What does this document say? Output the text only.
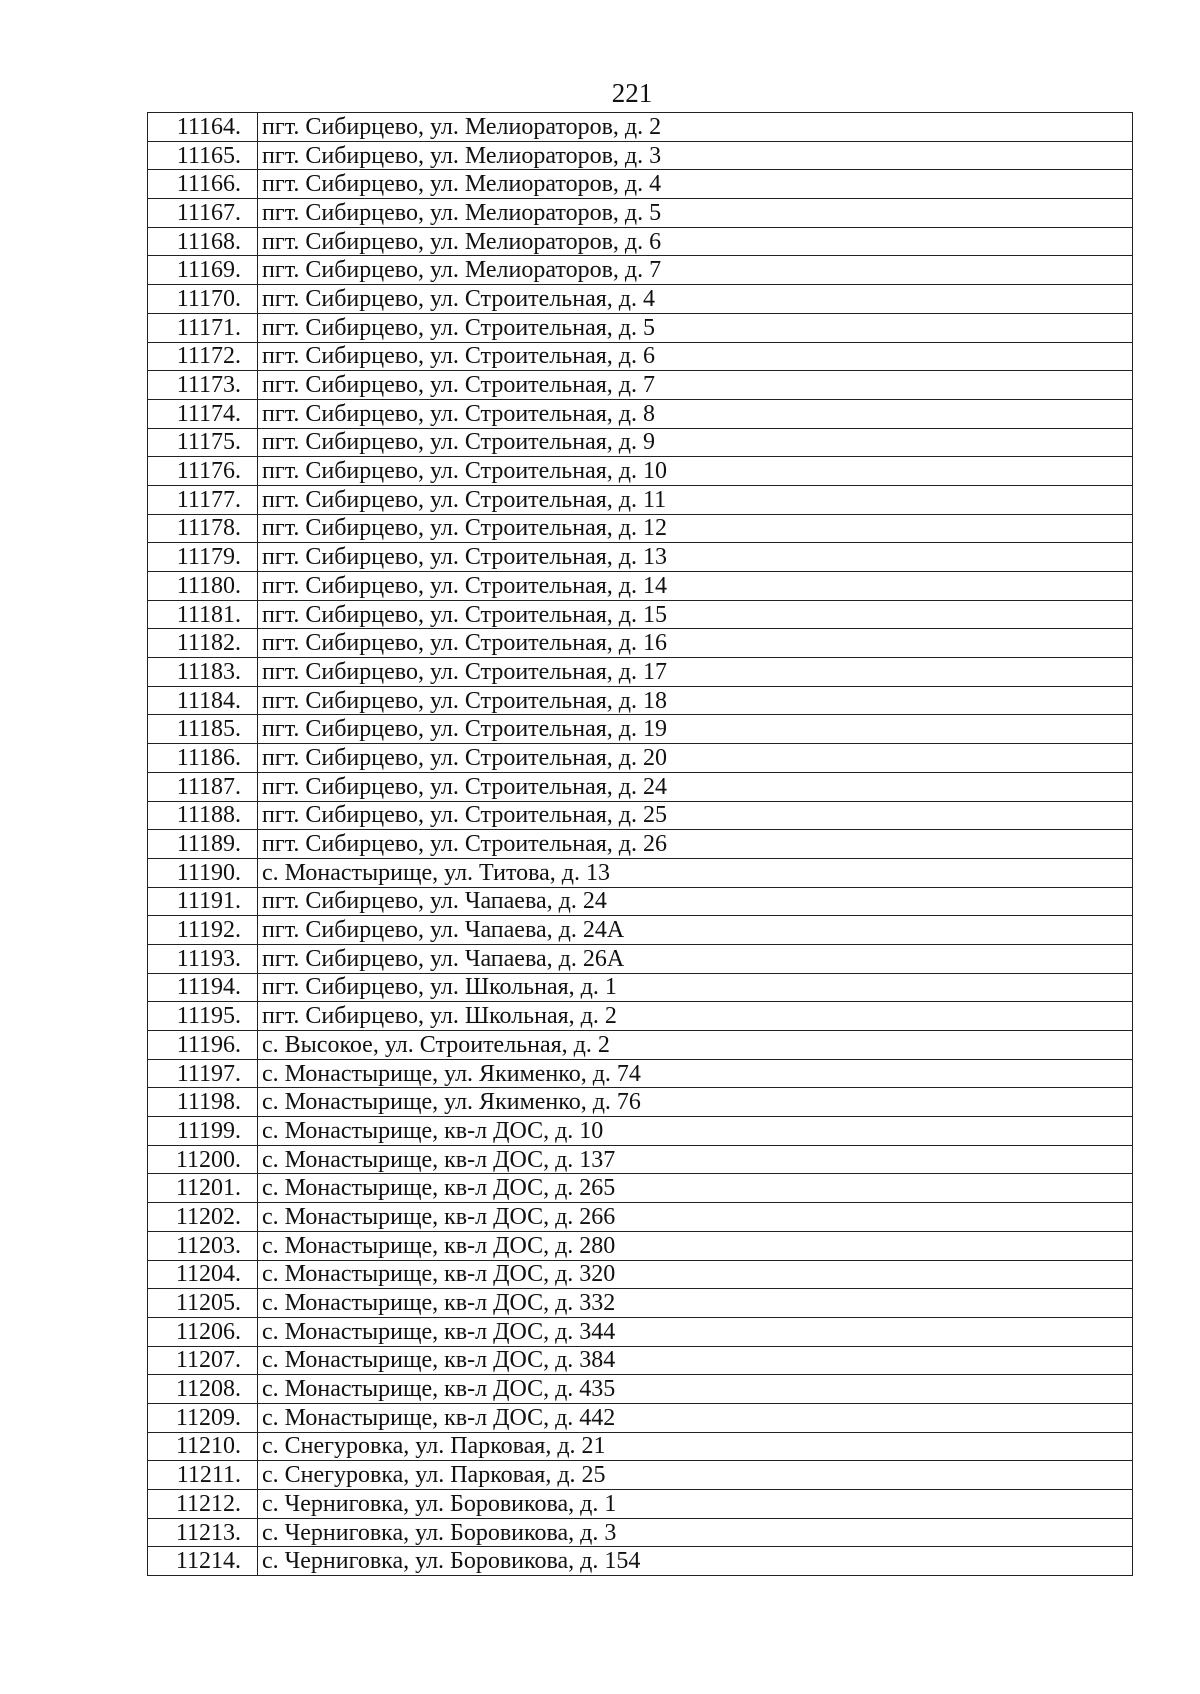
221
11164.	пгт. Сибирцево, ул. Мелиораторов, д. 2
11165.	пгт. Сибирцево, ул. Мелиораторов, д. 3
11166.	пгт. Сибирцево, ул. Мелиораторов, д. 4
11167.	пгт. Сибирцево, ул. Мелиораторов, д. 5
11168.	пгт. Сибирцево, ул. Мелиораторов, д. 6
11169.	пгт. Сибирцево, ул. Мелиораторов, д. 7
11170.	пгт. Сибирцево, ул. Строительная, д. 4
11171.	пгт. Сибирцево, ул. Строительная, д. 5
11172.	пгт. Сибирцево, ул. Строительная, д. 6
11173.	пгт. Сибирцево, ул. Строительная, д. 7
11174.	пгт. Сибирцево, ул. Строительная, д. 8
11175.	пгт. Сибирцево, ул. Строительная, д. 9
11176.	пгт. Сибирцево, ул. Строительная, д. 10
11177.	пгт. Сибирцево, ул. Строительная, д. 11
11178.	пгт. Сибирцево, ул. Строительная, д. 12
11179.	пгт. Сибирцево, ул. Строительная, д. 13
11180.	пгт. Сибирцево, ул. Строительная, д. 14
11181.	пгт. Сибирцево, ул. Строительная, д. 15
11182.	пгт. Сибирцево, ул. Строительная, д. 16
11183.	пгт. Сибирцево, ул. Строительная, д. 17
11184.	пгт. Сибирцево, ул. Строительная, д. 18
11185.	пгт. Сибирцево, ул. Строительная, д. 19
11186.	пгт. Сибирцево, ул. Строительная, д. 20
11187.	пгт. Сибирцево, ул. Строительная, д. 24
11188.	пгт. Сибирцево, ул. Строительная, д. 25
11189.	пгт. Сибирцево, ул. Строительная, д. 26
11190.	с. Монастырище, ул. Титова, д. 13
11191.	пгт. Сибирцево, ул. Чапаева, д. 24
11192.	пгт. Сибирцево, ул. Чапаева, д. 24А
11193.	пгт. Сибирцево, ул. Чапаева, д. 26А
11194.	пгт. Сибирцево, ул. Школьная, д. 1
11195.	пгт. Сибирцево, ул. Школьная, д. 2
11196.	с. Высокое, ул. Строительная, д. 2
11197.	с. Монастырище, ул. Якименко, д. 74
11198.	с. Монастырище, ул. Якименко, д. 76
11199.	с. Монастырище, кв-л ДОС, д. 10
11200.	с. Монастырище, кв-л ДОС, д. 137
11201.	с. Монастырище, кв-л ДОС, д. 265
11202.	с. Монастырище, кв-л ДОС, д. 266
11203.	с. Монастырище, кв-л ДОС, д. 280
11204.	с. Монастырище, кв-л ДОС, д. 320
11205.	с. Монастырище, кв-л ДОС, д. 332
11206.	с. Монастырище, кв-л ДОС, д. 344
11207.	с. Монастырище, кв-л ДОС, д. 384
11208.	с. Монастырище, кв-л ДОС, д. 435
11209.	с. Монастырище, кв-л ДОС, д. 442
11210.	с. Снегуровка, ул. Парковая, д. 21
11211.	с. Снегуровка, ул. Парковая, д. 25
11212.	с. Черниговка, ул. Боровикова, д. 1
11213.	с. Черниговка, ул. Боровикова, д. 3
11214.	с. Черниговка, ул. Боровикова, д. 154
